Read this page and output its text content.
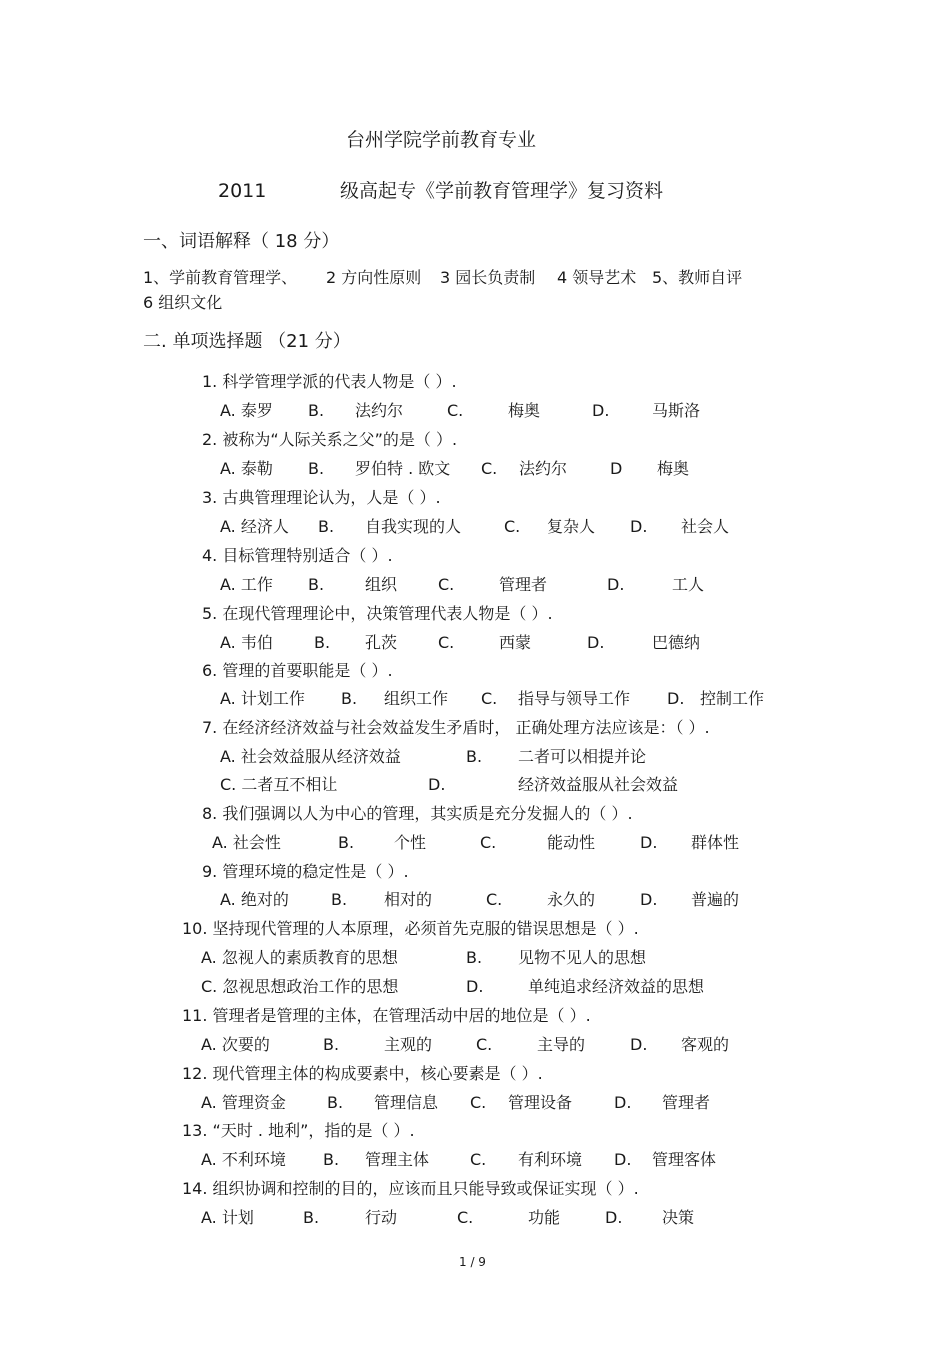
台州学院学前教育专业
2011	级高起专《学前教育管理学》复习资料
一、词语解释（ 18 分）
1、学前教育管理学、 2 方向性原则 3 园长负责制 4 领导艺术 5、教师自评
6 组织文化
二. 单项选择题 （21 分）
1. 科学管理学派的代表人物是（ ）.
A. 泰罗 B. 法约尔	C.	梅奥	D.	马斯洛
2. 被称为“人际关系之父”的是（ ）.
A. 泰勒 B. 罗伯特 . 欧文 C. 法约尔	D 梅奥
3. 古典管理理论认为，人是（ ）.
A. 经济人 B. 自我实现的人	C. 复杂人 D. 社会人
4. 目标管理特别适合（ ）.
A. 工作 B.	组织	C.	管理者	D.	工人
5. 在现代管理理论中，决策管理代表人物是（ ）.
A. 韦伯	B. 孔茨	C.	西蒙	D.	巴德纳
6. 管理的首要职能是（ ）.
A. 计划工作 B. 组织工作 C. 指导与领导工作 D. 控制工作
7. 在经济经济效益与社会效益发生矛盾时， 正确处理方法应该是：（ ）.
A. 社会效益服从经济效益	B. 二者可以相提并论
C. 二者互不相让	D.	经济效益服从社会效益
8. 我们强调以人为中心的管理，其实质是充分发掘人的（ ）.
A. 社会性	B. 个性	C.	能动性	D. 群体性
9. 管理环境的稳定性是（ ）.
A. 绝对的	B. 相对的	C.	永久的	D. 普遍的
10. 坚持现代管理的人本原理，必须首先克服的错误思想是（ ）.
A. 忽视人的素质教育的思想	B. 见物不见人的思想
C. 忽视思想政治工作的思想	D.	单纯追求经济效益的思想
11. 管理者是管理的主体，在管理活动中居的地位是（ ）.
A. 次要的	B.	主观的	C.	主导的	D. 客观的
12. 现代管理主体的构成要素中，核心要素是（ ）.
A. 管理资金	B. 管理信息 C. 管理设备	D. 管理者
13. “天时 . 地利”，指的是（ ）.
A. 不利环境 B. 管理主体	C. 有利环境 D. 管理客体
14. 组织协调和控制的目的，应该而且只能导致或保证实现（ ）.
A. 计划	B.	行动	C.	功能	D. 决策
1 / 9
